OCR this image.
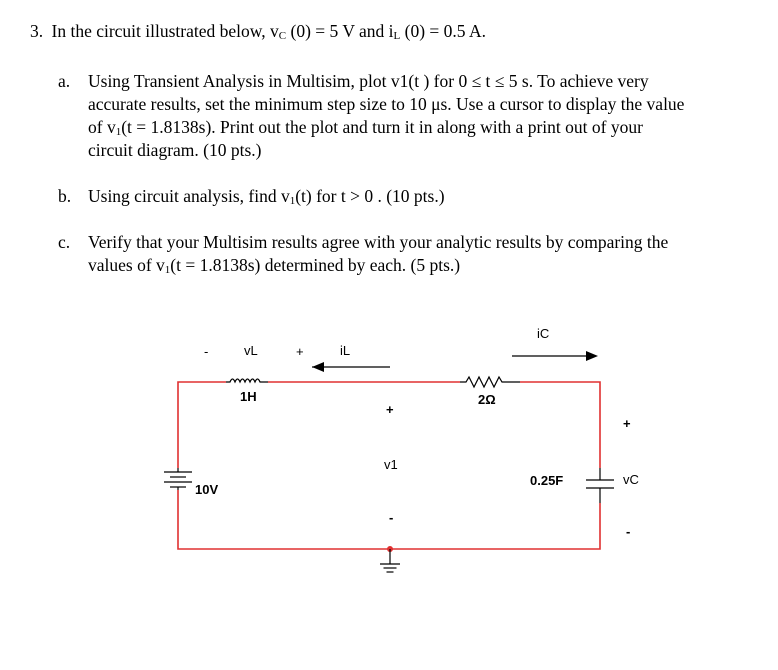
3. In the circuit illustrated below, vC (0) = 5 V and iL (0) = 0.5 A.
a. Using Transient Analysis in Multisim, plot v1(t ) for 0 ≤ t ≤ 5 s. To achieve very
accurate results, set the minimum step size to 10 μs. Use a cursor to display the value
of v1(t = 1.8138s). Print out the plot and turn it in along with a print out of your
circuit diagram. (10 pts.)
b. Using circuit analysis, find v1(t) for t > 0 . (10 pts.)
c. Verify that your Multisim results agree with your analytic results by comparing the
values of v1(t = 1.8138s) determined by each. (5 pts.)
-	vL	+	iL
iC
1H	2Ω
+
v1
-
10V
0.25F
+
vC
-
